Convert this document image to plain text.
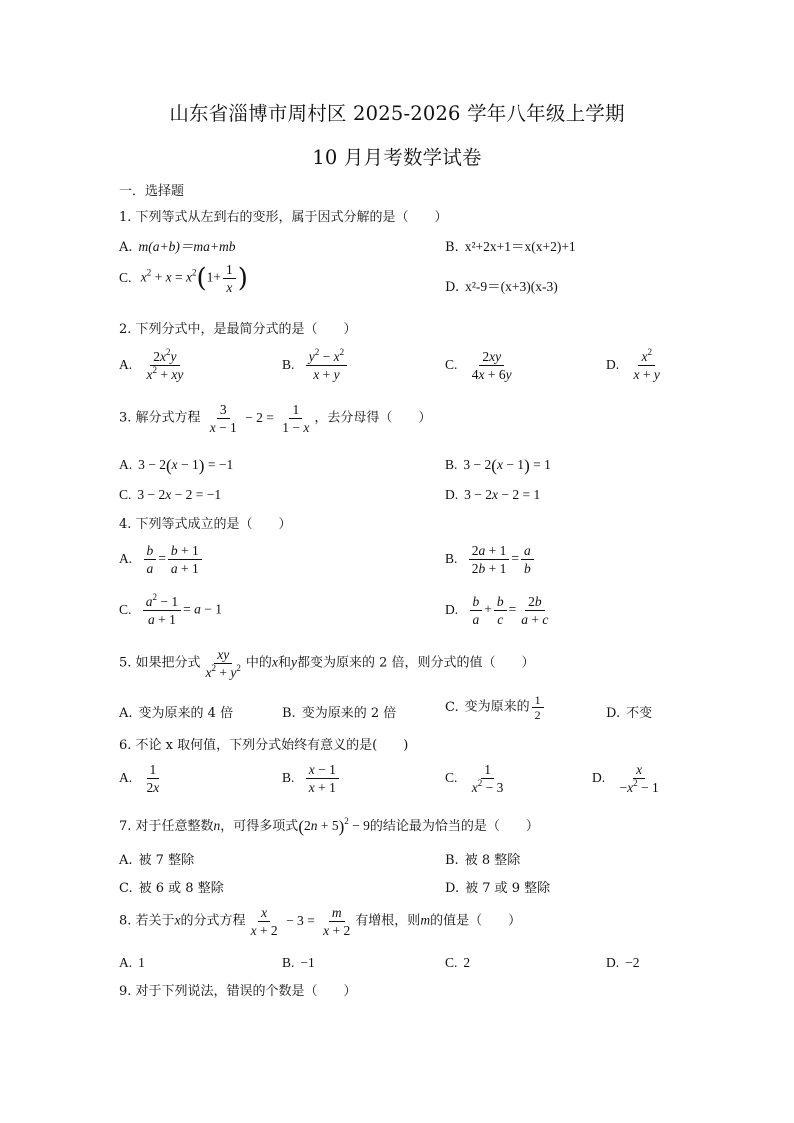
山东省淄博市周村区 2025-2026 学年八年级上学期
10 月月考数学试卷
一．选择题
1. 下列等式从左到右的变形，属于因式分解的是（　　）
A. m(a+b)＝ma+mb	B. x²+2x+1＝x(x+2)+1
C. $x^2 + x = x^2(1+ \frac{1}{x}$ )	D. x²-9＝(x+3)(x-3)
2. 下列分式中，是最简分式的是（　　）
A. $\frac{2x^2y}{x^2 + xy}$	B. $\frac{y^2 - x^2}{x + y}$	C. $\frac{2xy}{4x + 6y}$	D. $\frac{x^2}{x + y}$
3. 解分式方程 $\frac{3}{x - 1} - 2 = \frac{1}{1 - x}$ ，去分母得（　　）
A. 3 − 2(x − 1) = −1	B. 3 − 2(x − 1) = 1
C. 3 − 2x − 2 = −1	D. 3 − 2x − 2 = 1
4. 下列等式成立的是（　　）
A. $\frac{b}{a} = \frac{b + 1}{a + 1}$	B. $\frac{2a + 1}{2b + 1} = \frac{a}{b}$
C. $\frac{a^2 - 1}{a + 1} = a - 1$	D. $\frac{b}{a} + \frac{b}{c} = \frac{2b}{a + c}$
5. 如果把分式 $\frac{xy}{x^2 + y^2}$ 中的x和y都变为原来的 2 倍，则分式的值（　　）
A. 变为原来的 4 倍	B. 变为原来的 2 倍	C. 变为原来的 $\frac{1}{2}$	D. 不变
6. 不论 x 取何值，下列分式始终有意义的是(　　)
A. $\frac{1}{2x}$	B. $\frac{x - 1}{x + 1}$	C. $\frac{1}{x^2 - 3}$	D. $\frac{x}{-x^2 - 1}$
7. 对于任意整数n，可得多项式$(2n + 5)^2 - 9$的结论最为恰当的是（　　）
A. 被 7 整除	B. 被 8 整除
C. 被 6 或 8 整除	D. 被 7 或 9 整除
8. 若关于x的分式方程 $\frac{x}{x + 2} - 3 = \frac{m}{x + 2}$ 有增根，则m的值是（　　）
A. 1	B. −1	C. 2	D. −2
9. 对于下列说法，错误的个数是（　　）
